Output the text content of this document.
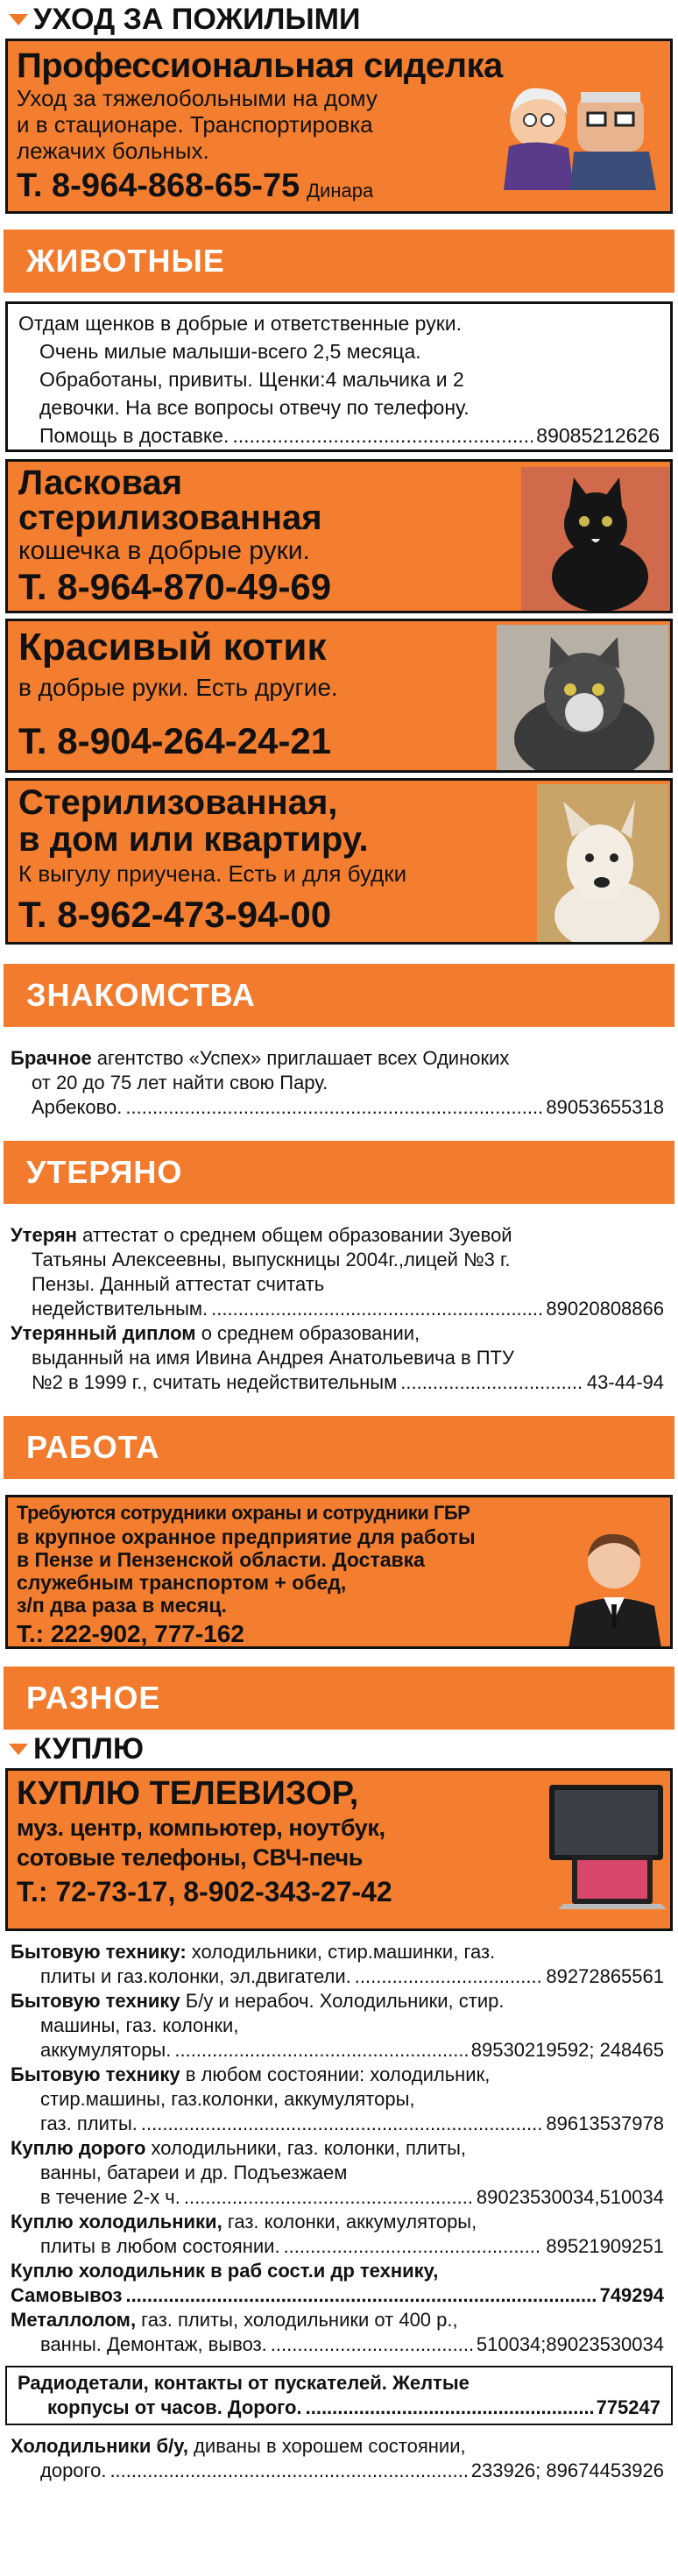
УХОД ЗА ПОЖИЛЫМИ
Профессиональная сиделка
Уход за тяжелобольными на дому
и в стационаре. Транспортировка
лежачих больных.
Т. 8-964-868-65-75 Динара
ЖИВОТНЫЕ
Отдам щенков в добрые и ответственные руки.
Очень милые малыши-всего 2,5 месяца.
Обработаны, привиты. Щенки:4 мальчика и 2
девочки. На все вопросы отвечу по телефону.
Помощь в доставке. .....	89085212626
Ласковая
стерилизованная
кошечка в добрые руки.
Т. 8-964-870-49-69
Красивый котик
в добрые руки. Есть другие.
Т. 8-904-264-24-21
Стерилизованная,
в дом или квартиру.
К выгулу приучена. Есть и для будки
Т. 8-962-473-94-00
ЗНАКОМСТВА
Брачное агентство «Успех» приглашает всех Одиноких
от 20 до 75 лет найти свою Пару.
Арбеково. .....	89053655318
УТЕРЯНО
Утерян аттестат о среднем общем образовании Зуевой
Татьяны Алексеевны, выпускницы 2004г.,лицей №3 г.
Пензы. Данный аттестат считать
недействительным. .....	89020808866
Утерянный диплом о среднем образовании,
выданный на имя Ивина Андрея Анатольевича в ПТУ
№2 в 1999 г., считать недействительным .....	43-44-94
РАБОТА
Требуются сотрудники охраны и сотрудники ГБР
в крупное охранное предприятие для работы
в Пензе и Пензенской области. Доставка
служебным транспортом + обед,
з/п два раза в месяц.
Т.: 222-902, 777-162
РАЗНОЕ
КУПЛЮ
КУПЛЮ ТЕЛЕВИЗОР,
муз. центр, компьютер, ноутбук,
сотовые телефоны, СВЧ-печь
Т.: 72-73-17, 8-902-343-27-42
Бытовую технику: холодильники, стир.машинки, газ.
плиты и газ.колонки, эл.двигатели. .....	89272865561
Бытовую технику Б/у и нерабоч. Холодильники, стир.
машины, газ. колонки,
аккумуляторы. .....	89530219592; 248465
Бытовую технику в любом состоянии: холодильник,
стир.машины, газ.колонки, аккумуляторы,
газ. плиты. .....	89613537978
Куплю дорого холодильники, газ. колонки, плиты,
ванны, батареи и др. Подъезжаем
в течение 2-х ч. .....	89023530034,510034
Куплю холодильники, газ. колонки, аккумуляторы,
плиты в любом состоянии. .....	89521909251
Куплю холодильник в раб сост.и др технику,
Самовывоз .....	749294
Металлолом, газ. плиты, холодильники от 400 р.,
ванны. Демонтаж, вывоз. .....	510034;89023530034
Радиодетали, контакты от пускателей. Желтые
корпусы от часов. Дорого. .....	775247
Холодильники б/у, диваны в хорошем состоянии,
дорого. .....	233926; 89674453926
